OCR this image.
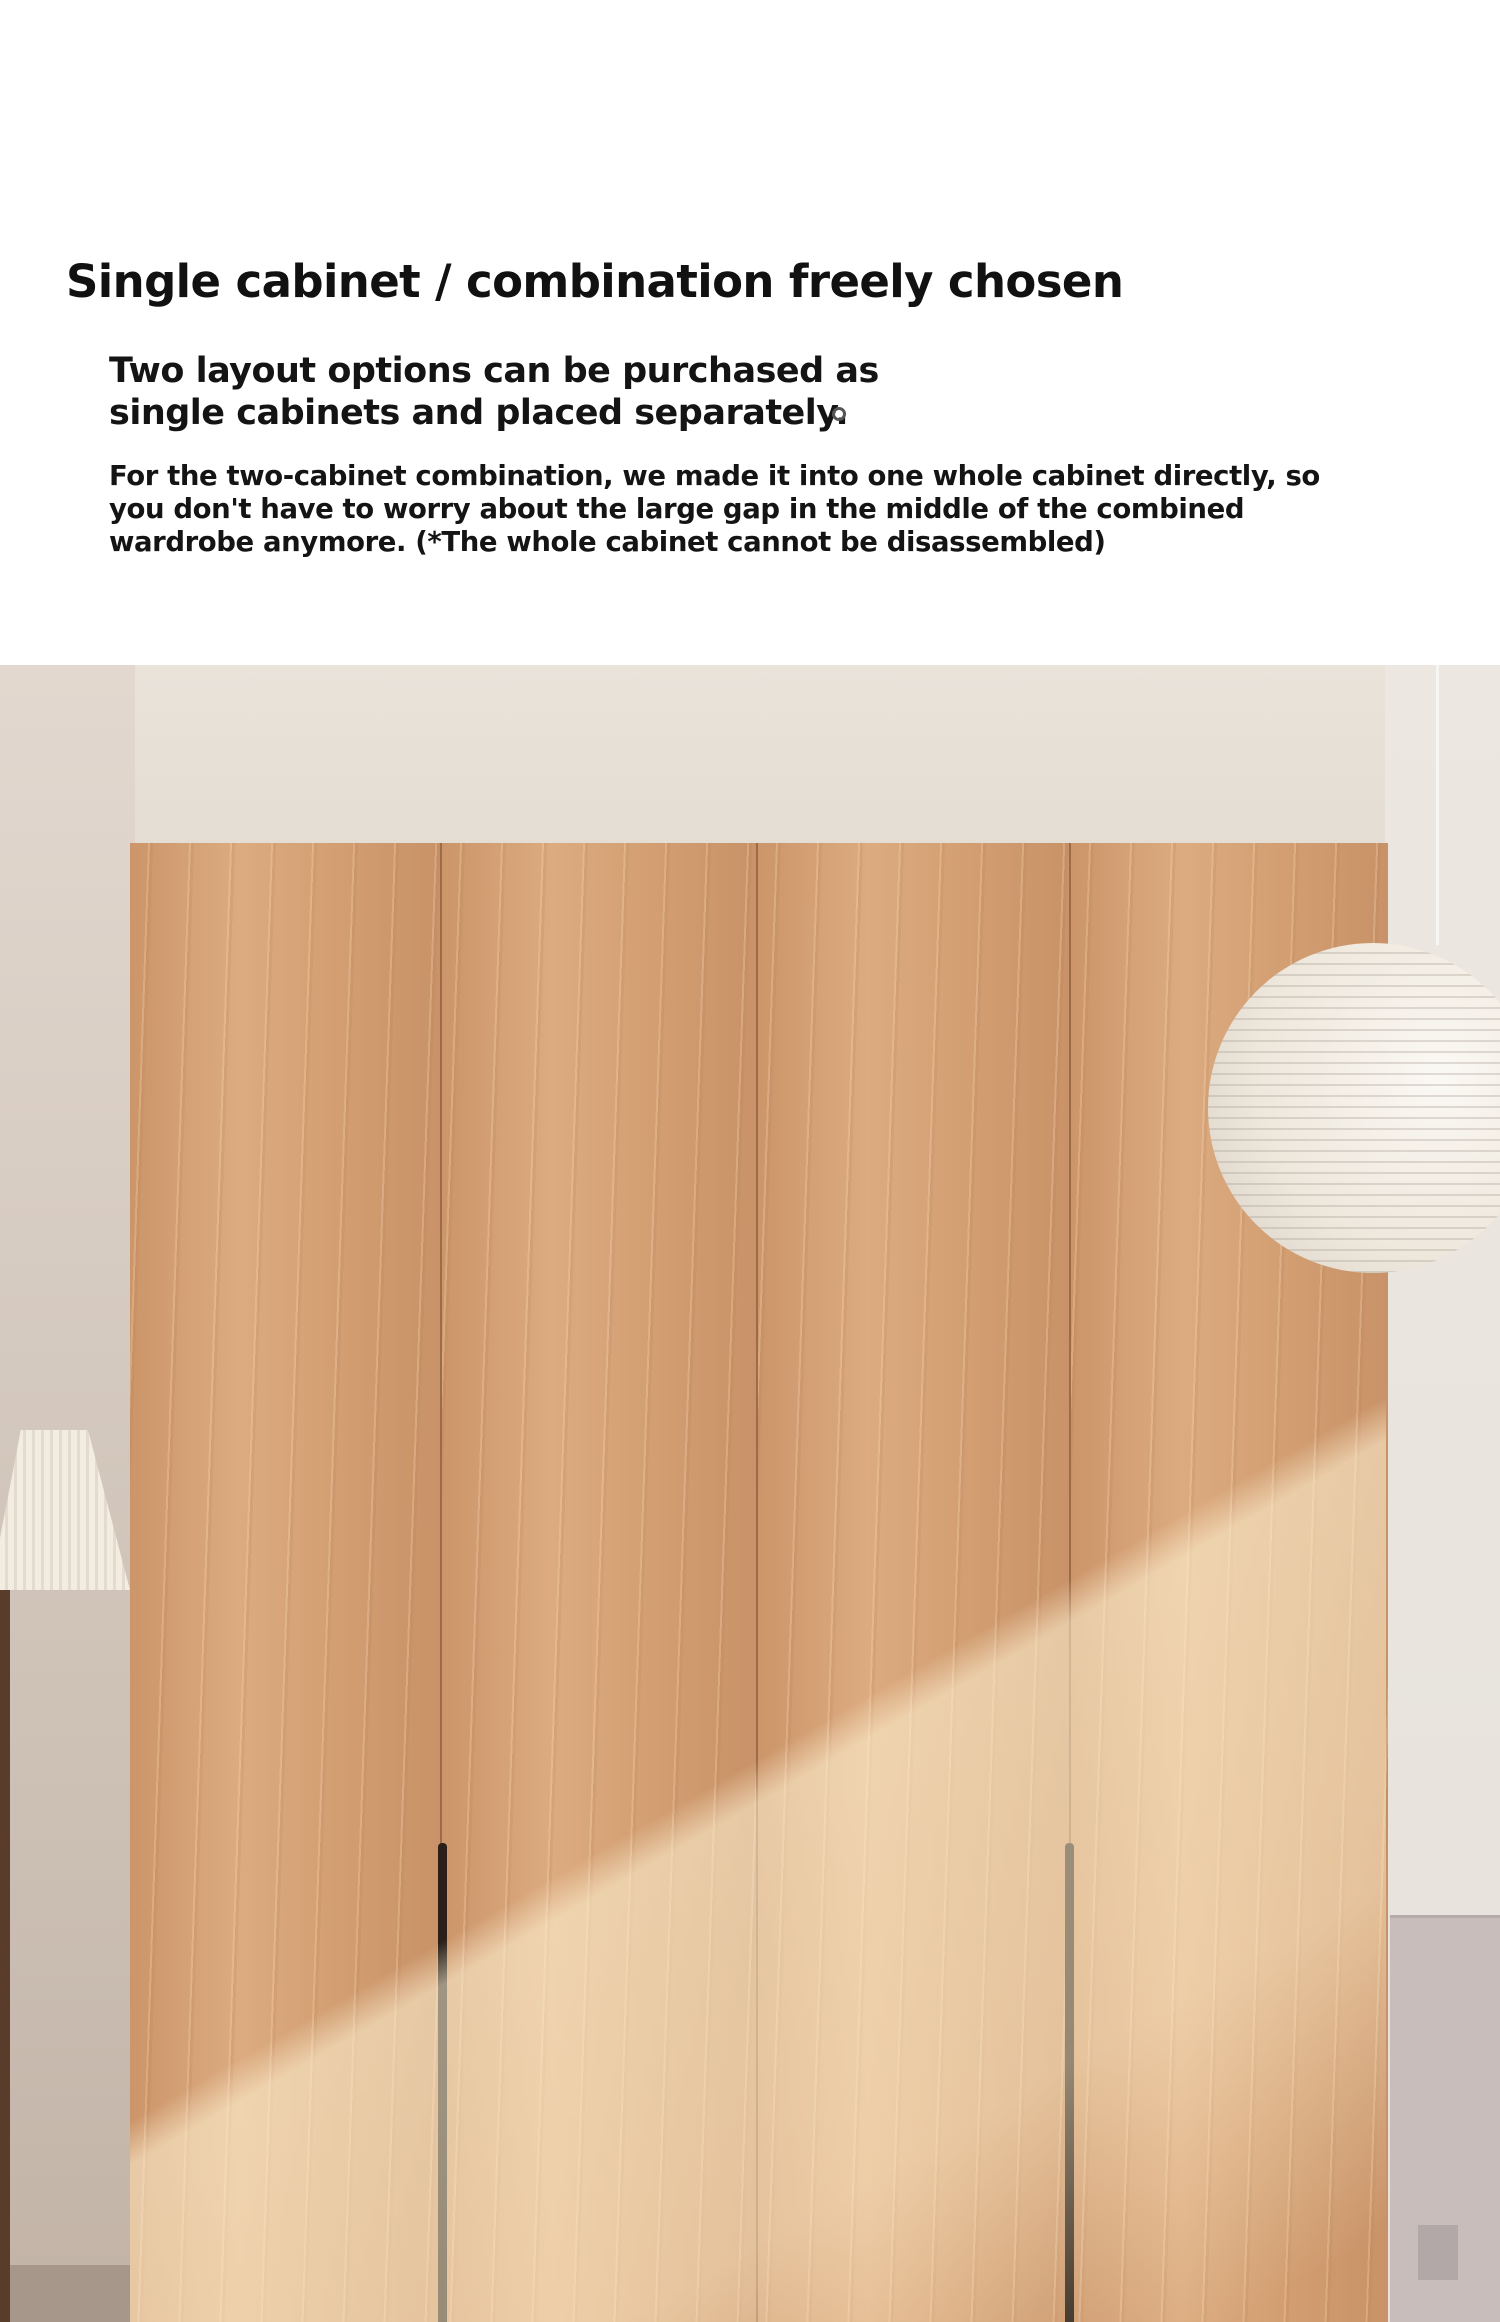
Single cabinet / combination freely chosen

Two layout options can be purchased as
single cabinets and placed separately.

For the two-cabinet combination, we made it into one whole cabinet directly, so
you don't have to worry about the large gap in the middle of the combined
wardrobe anymore. (*The whole cabinet cannot be disassembled)
